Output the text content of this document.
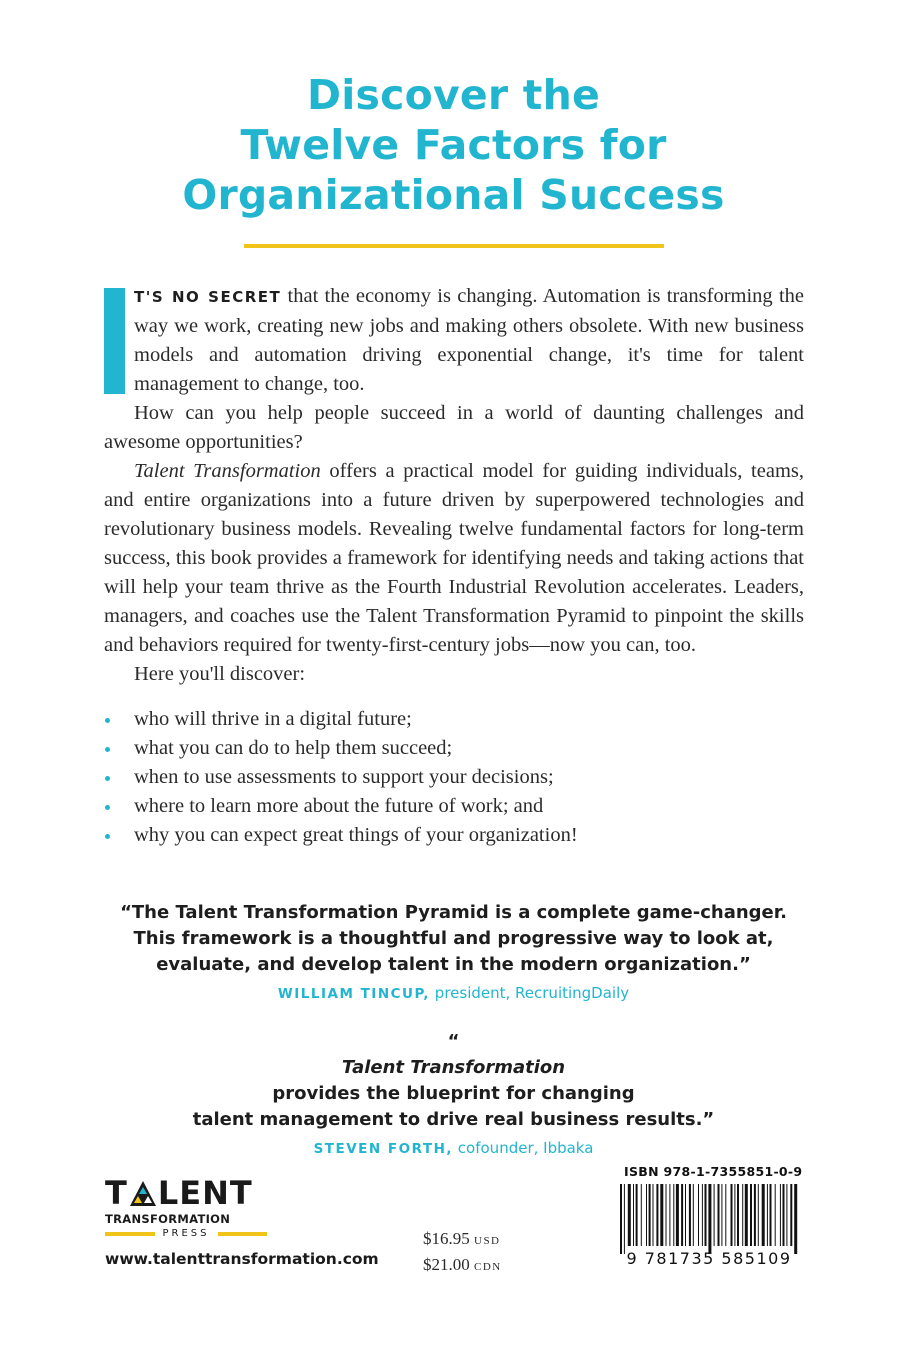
Discover the
Twelve Factors for
Organizational Success

T'S NO SECRET that the economy is changing. Automation is transforming the way we work, creating new jobs and making others obsolete. With new business models and automation driving exponential change, it's time for talent management to change, too.

How can you help people succeed in a world of daunting challenges and awesome opportunities?

Talent Transformation offers a practical model for guiding individuals, teams, and entire organizations into a future driven by superpowered technologies and revolutionary business models. Revealing twelve fundamental factors for long-term success, this book provides a framework for identifying needs and taking actions that will help your team thrive as the Fourth Industrial Revolution accelerates. Leaders, managers, and coaches use the Talent Transformation Pyramid to pinpoint the skills and behaviors required for twenty-first-century jobs—now you can, too.

Here you'll discover:

who will thrive in a digital future;
what you can do to help them succeed;
when to use assessments to support your decisions;
where to learn more about the future of work; and
why you can expect great things of your organization!

“The Talent Transformation Pyramid is a complete game-changer.
This framework is a thoughtful and progressive way to look at,
evaluate, and develop talent in the modern organization.”

WILLIAM TINCUP, president, RecruitingDaily

“
Talent Transformation
provides the blueprint for changing
talent management to drive real business results.”

STEVEN FORTH, cofounder, Ibbaka

T LENT
TRANSFORMATION
PRESS
www.talenttransformation.com
$16.95 USD
$21.00 CDN
ISBN 978-1-7355851-0-9
9 781735 585109
